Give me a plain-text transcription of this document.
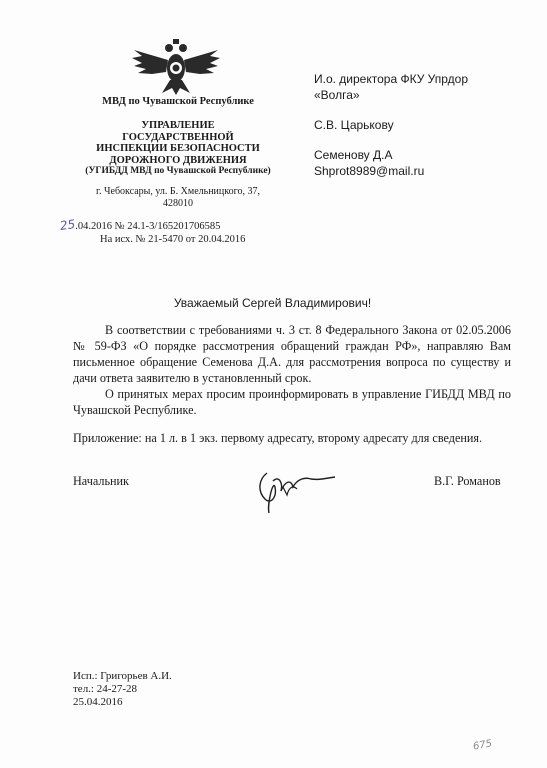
МВД по Чувашской Республике
УПРАВЛЕНИЕ
ГОСУДАРСТВЕННОЙ
ИНСПЕКЦИИ БЕЗОПАСНОСТИ
ДОРОЖНОГО ДВИЖЕНИЯ
(УГИБДД МВД по Чувашской Республике)
г. Чебоксары, ул. Б. Хмельницкого, 37,
428010
25.04.2016 № 24.1-3/165201706585
На исх. № 21-5470 от 20.04.2016
И.о. директора ФКУ Упрдор
«Волга»
С.В. Царькову
Семенову Д.А
Shprot8989@mail.ru
Уважаемый Сергей Владимирович!

В соответствии с требованиями ч. 3 ст. 8 Федерального Закона от 02.05.2006 № 59-ФЗ «О порядке рассмотрения обращений граждан РФ», направляю Вам письменное обращение Семенова Д.А. для рассмотрения вопроса по существу и дачи ответа заявителю в установленный срок.

О принятых мерах просим проинформировать в управление ГИБДД МВД по Чувашской Республике.

Приложение: на 1 л. в 1 экз. первому адресату, второму адресату для сведения.
Начальник	В.Г. Романов
Исп.: Григорьев А.И.
тел.: 24-27-28
25.04.2016
675
